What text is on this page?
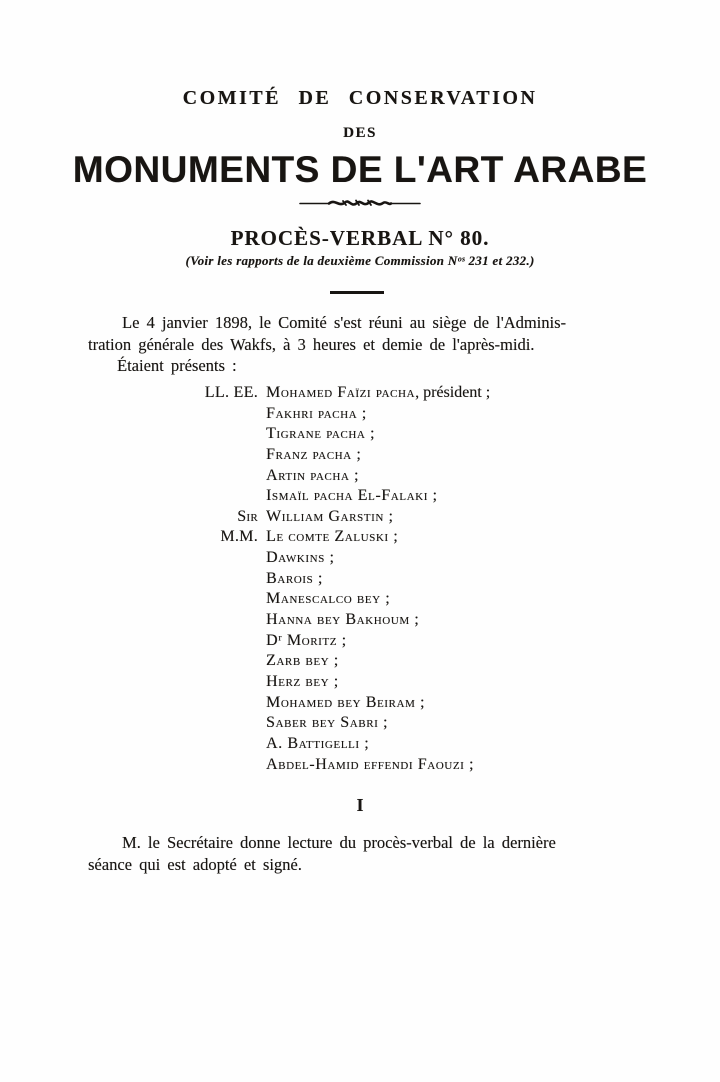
COMITÉ DE CONSERVATION
DES
MONUMENTS DE L'ART ARABE
PROCÈS-VERBAL N° 80.
(Voir les rapports de la deuxième Commission Nᵒˢ 231 et 232.)

Le 4 janvier 1898, le Comité s'est réuni au siège de l'Adminis-

tration générale des Wakfs, à 3 heures et demie de l'après-midi.

Étaient présents :

LL. EE. Mohamed Faïzi pacha , président ;
Fakhri pacha ;
Tigrane pacha ;
Franz pacha ;
Artin pacha ;
Ismaïl pacha El-Falaki ;
Sir William Garstin ;
M.M. Le comte Zaluski ;
Dawkins ;
Barois ;
Manescalco bey ;
Hanna bey Bakhoum ;
Dʳ Moritz ;
Zarb bey ;
Herz bey ;
Mohamed bey Beiram ;
Saber bey Sabri ;
A. Battigelli ;
Abdel-Hamid effendi Faouzi ;
I

M. le Secrétaire donne lecture du procès-verbal de la dernière

séance qui est adopté et signé.
